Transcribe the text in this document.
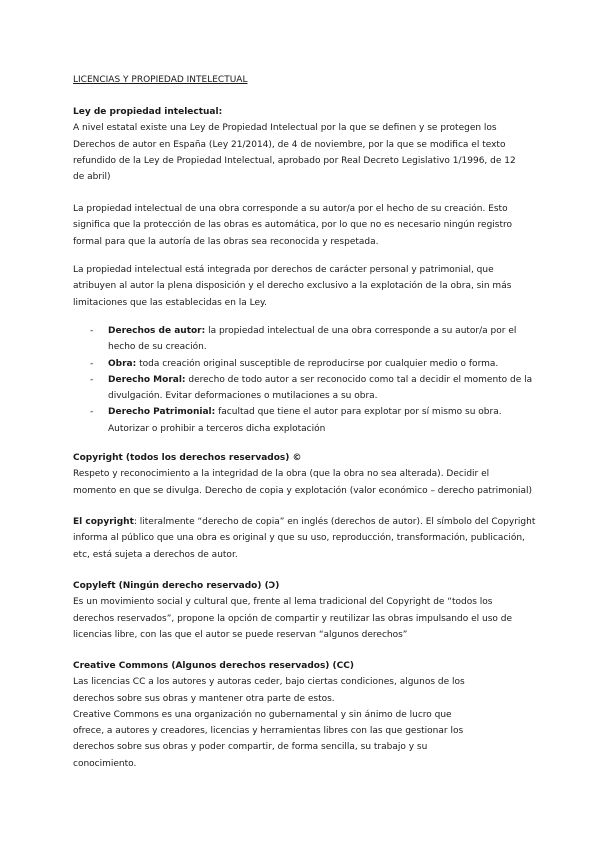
LICENCIAS Y PROPIEDAD INTELECTUAL

Ley de propiedad intelectual:

A nivel estatal existe una Ley de Propiedad Intelectual por la que se definen y se protegen los

Derechos de autor en España (Ley 21/2014), de 4 de noviembre, por la que se modifica el texto

refundido de la Ley de Propiedad Intelectual, aprobado por Real Decreto Legislativo 1/1996, de 12

de abril)

La propiedad intelectual de una obra corresponde a su autor/a por el hecho de su creación. Esto

significa que la protección de las obras es automática, por lo que no es necesario ningún registro

formal para que la autoría de las obras sea reconocida y respetada.

La propiedad intelectual está integrada por derechos de carácter personal y patrimonial, que

atribuyen al autor la plena disposición y el derecho exclusivo a la explotación de la obra, sin más

limitaciones que las establecidas en la Ley.

- Derechos de autor: la propiedad intelectual de una obra corresponde a su autor/a por el

hecho de su creación.

- Obra: toda creación original susceptible de reproducirse por cualquier medio o forma.

- Derecho Moral: derecho de todo autor a ser reconocido como tal a decidir el momento de la

divulgación. Evitar deformaciones o mutilaciones a su obra.

- Derecho Patrimonial: facultad que tiene el autor para explotar por sí mismo su obra.

Autorizar o prohibir a terceros dicha explotación

Copyright (todos los derechos reservados) ©

Respeto y reconocimiento a la integridad de la obra (que la obra no sea alterada). Decidir el

momento en que se divulga. Derecho de copia y explotación (valor económico – derecho patrimonial)

El copyright: literalmente “derecho de copia” en inglés (derechos de autor). El símbolo del Copyright

informa al público que una obra es original y que su uso, reproducción, transformación, publicación,

etc, está sujeta a derechos de autor.

Copyleft (Ningún derecho reservado) (Ɔ)

Es un movimiento social y cultural que, frente al lema tradicional del Copyright de “todos los

derechos reservados”, propone la opción de compartir y reutilizar las obras impulsando el uso de

licencias libre, con las que el autor se puede reservan “algunos derechos”

Creative Commons (Algunos derechos reservados) (CC)

Las licencias CC a los autores y autoras ceder, bajo ciertas condiciones, algunos de los

derechos sobre sus obras y mantener otra parte de estos.

Creative Commons es una organización no gubernamental y sin ánimo de lucro que

ofrece, a autores y creadores, licencias y herramientas libres con las que gestionar los

derechos sobre sus obras y poder compartir, de forma sencilla, su trabajo y su

conocimiento.
